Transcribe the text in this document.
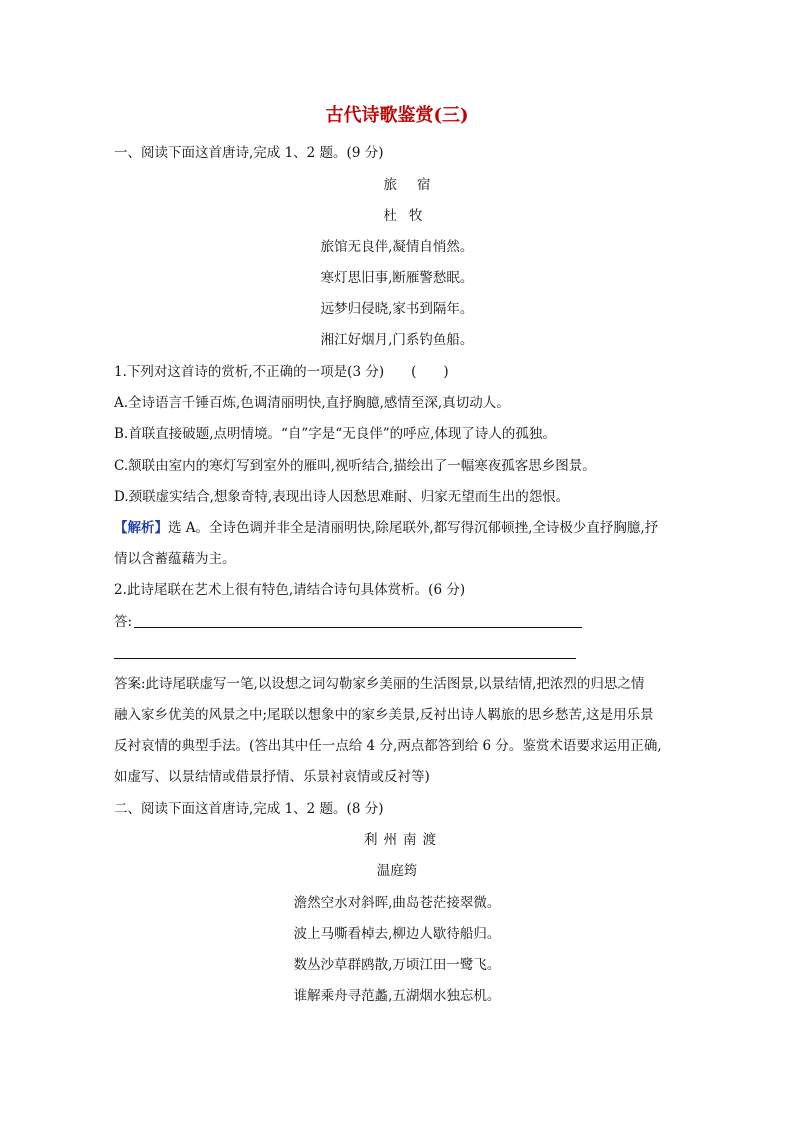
古代诗歌鉴赏(三)
一、阅读下面这首唐诗,完成 1、2 题。(9 分)
旅宿
杜牧
旅馆无良伴,凝情自悄然。
寒灯思旧事,断雁警愁眠。
远梦归侵晓,家书到隔年。
湘江好烟月,门系钓鱼船。
1.下列对这首诗的赏析,不正确的一项是(3 分)　　(　　)
A.全诗语言千锤百炼,色调清丽明快,直抒胸臆,感情至深,真切动人。
B.首联直接破题,点明情境。“自”字是“无良伴”的呼应,体现了诗人的孤独。
C.颔联由室内的寒灯写到室外的雁叫,视听结合,描绘出了一幅寒夜孤客思乡图景。
D.颈联虚实结合,想象奇特,表现出诗人因愁思难耐、归家无望而生出的怨恨。
【解析】选 A。全诗色调并非全是清丽明快,除尾联外,都写得沉郁顿挫,全诗极少直抒胸臆,抒
情以含蓄蕴藉为主。
2.此诗尾联在艺术上很有特色,请结合诗句具体赏析。(6 分)
答:
答案:此诗尾联虚写一笔,以设想之词勾勒家乡美丽的生活图景,以景结情,把浓烈的归思之情
融入家乡优美的风景之中;尾联以想象中的家乡美景,反衬出诗人羁旅的思乡愁苦,这是用乐景
反衬哀情的典型手法。(答出其中任一点给 4 分,两点都答到给 6 分。鉴赏术语要求运用正确,
如虚写、以景结情或借景抒情、乐景衬哀情或反衬等)
二、阅读下面这首唐诗,完成 1、2 题。(8 分)
利州南渡
温庭筠
澹然空水对斜晖,曲岛苍茫接翠微。
波上马嘶看棹去,柳边人歇待船归。
数丛沙草群鸥散,万顷江田一鹭飞。
谁解乘舟寻范蠡,五湖烟水独忘机。
